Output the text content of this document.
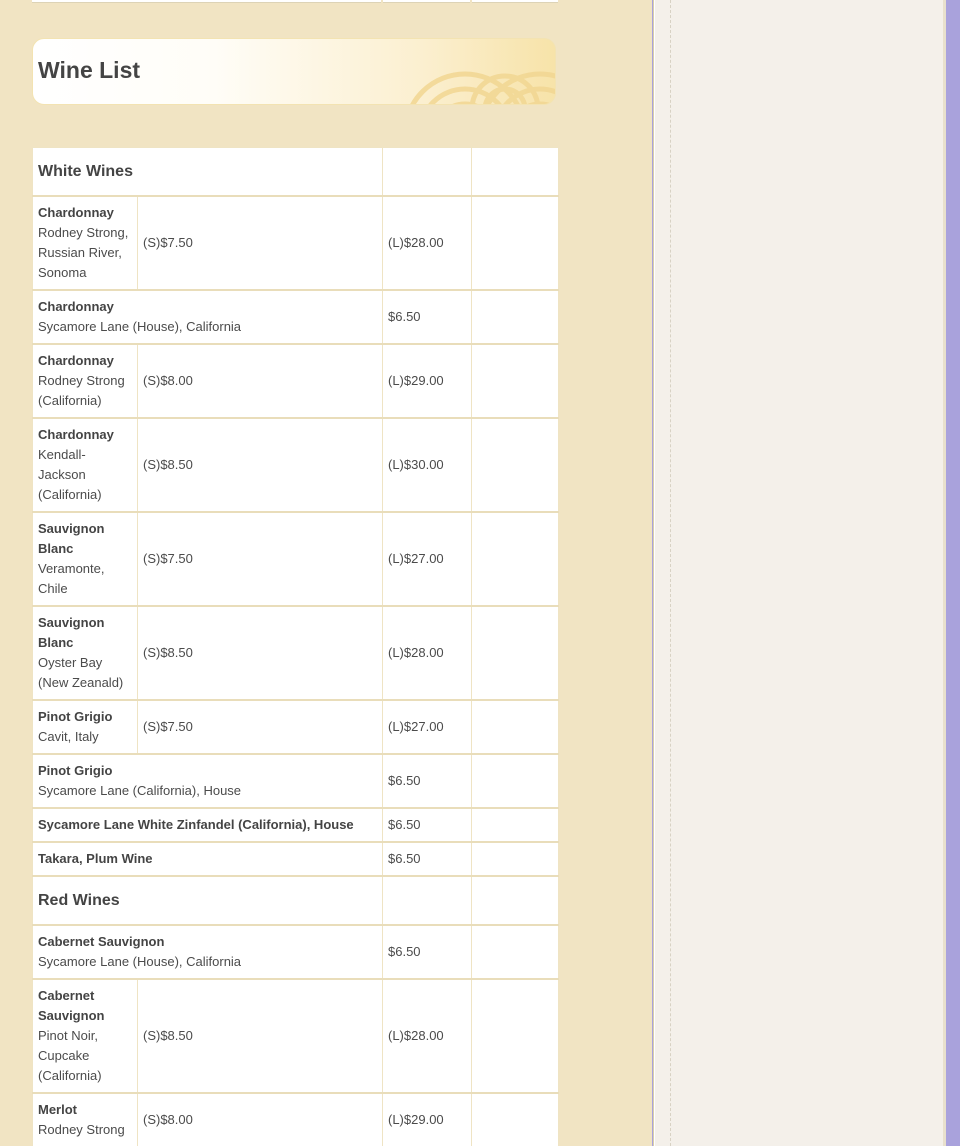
Wine List
White Wines			

Chardonnay
Rodney Strong, Russian River, Sonoma	(S)$7.50	(L)$28.00	

Chardonnay
Sycamore Lane (House), California		$6.50	

Chardonnay
Rodney Strong (California)	(S)$8.00	(L)$29.00	

Chardonnay
Kendall-Jackson (California)	(S)$8.50	(L)$30.00	

Sauvignon Blanc
Veramonte, Chile	(S)$7.50	(L)$27.00	

Sauvignon Blanc
Oyster Bay (New Zeanald)	(S)$8.50	(L)$28.00	

Pinot Grigio
Cavit, Italy	(S)$7.50	(L)$27.00	

Pinot Grigio
Sycamore Lane (California), House		$6.50	

Sycamore Lane White Zinfandel (California), House		$6.50	

Takara, Plum Wine		$6.50	
Red Wines			

Cabernet Sauvignon
Sycamore Lane (House), California		$6.50	

Cabernet Sauvignon
Pinot Noir, Cupcake (California)	(S)$8.50	(L)$28.00	

Merlot
Rodney Strong	(S)$8.00	(L)$29.00	
